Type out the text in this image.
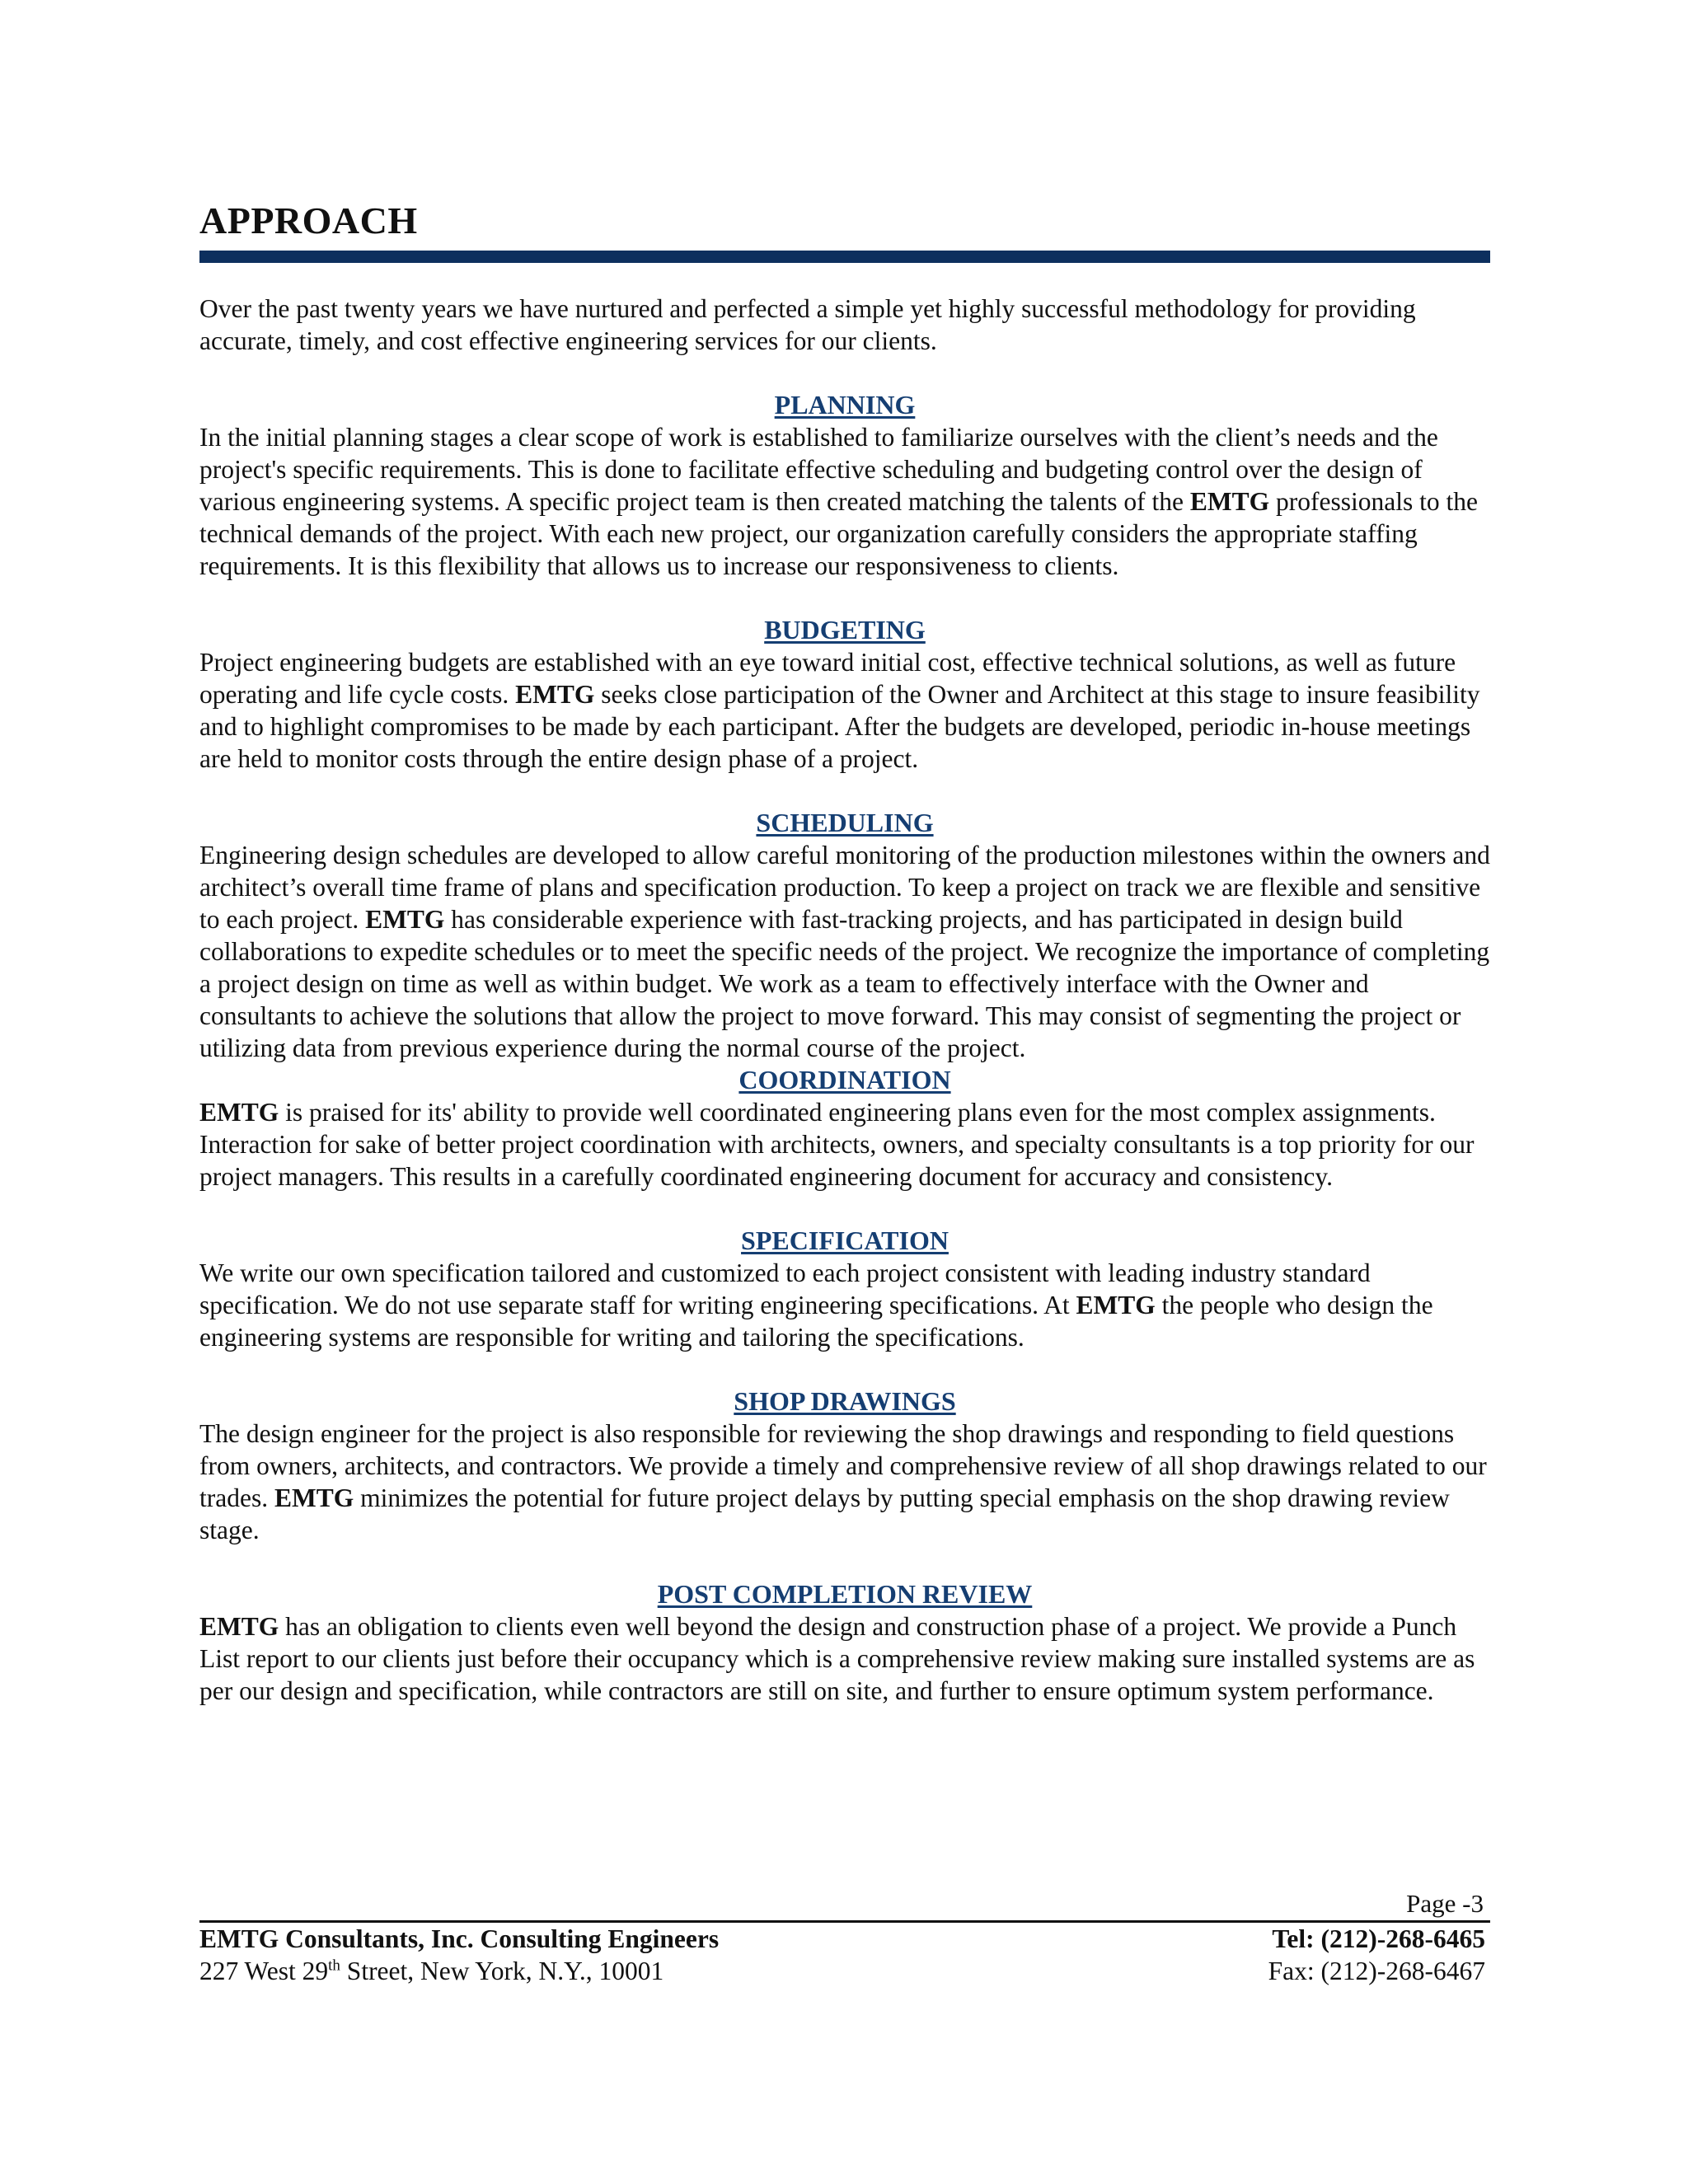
APPROACH

Over the past twenty years we have nurtured and perfected a simple yet highly successful methodology for providing accurate, timely, and cost effective engineering services for our clients.

PLANNING

In the initial planning stages a clear scope of work is established to familiarize ourselves with the client’s needs and the project's specific requirements. This is done to facilitate effective scheduling and budgeting control over the design of various engineering systems. A specific project team is then created matching the talents of the EMTG professionals to the technical demands of the project. With each new project, our organization carefully considers the appropriate staffing requirements. It is this flexibility that allows us to increase our responsiveness to clients.

BUDGETING

Project engineering budgets are established with an eye toward initial cost, effective technical solutions, as well as future operating and life cycle costs. EMTG seeks close participation of the Owner and Architect at this stage to insure feasibility and to highlight compromises to be made by each participant. After the budgets are developed, periodic in-house meetings are held to monitor costs through the entire design phase of a project.

SCHEDULING

Engineering design schedules are developed to allow careful monitoring of the production milestones within the owners and architect’s overall time frame of plans and specification production. To keep a project on track we are flexible and sensitive to each project. EMTG has considerable experience with fast-tracking projects, and has participated in design build collaborations to expedite schedules or to meet the specific needs of the project. We recognize the importance of completing a project design on time as well as within budget. We work as a team to effectively interface with the Owner and consultants to achieve the solutions that allow the project to move forward. This may consist of segmenting the project or utilizing data from previous experience during the normal course of the project.

COORDINATION

EMTG is praised for its' ability to provide well coordinated engineering plans even for the most complex assignments. Interaction for sake of better project coordination with architects, owners, and specialty consultants is a top priority for our project managers. This results in a carefully coordinated engineering document for accuracy and consistency.

SPECIFICATION

We write our own specification tailored and customized to each project consistent with leading industry standard specification. We do not use separate staff for writing engineering specifications. At EMTG the people who design the engineering systems are responsible for writing and tailoring the specifications.

SHOP DRAWINGS

The design engineer for the project is also responsible for reviewing the shop drawings and responding to field questions from owners, architects, and contractors. We provide a timely and comprehensive review of all shop drawings related to our trades. EMTG minimizes the potential for future project delays by putting special emphasis on the shop drawing review stage.

POST COMPLETION REVIEW

EMTG has an obligation to clients even well beyond the design and construction phase of a project. We provide a Punch List report to our clients just before their occupancy which is a comprehensive review making sure installed systems are as per our design and specification, while contractors are still on site, and further to ensure optimum system performance.

Page -3
EMTG Consultants, Inc. Consulting Engineers	Tel: (212)-268-6465
227 West 29th Street, New York, N.Y., 10001	Fax: (212)-268-6467
